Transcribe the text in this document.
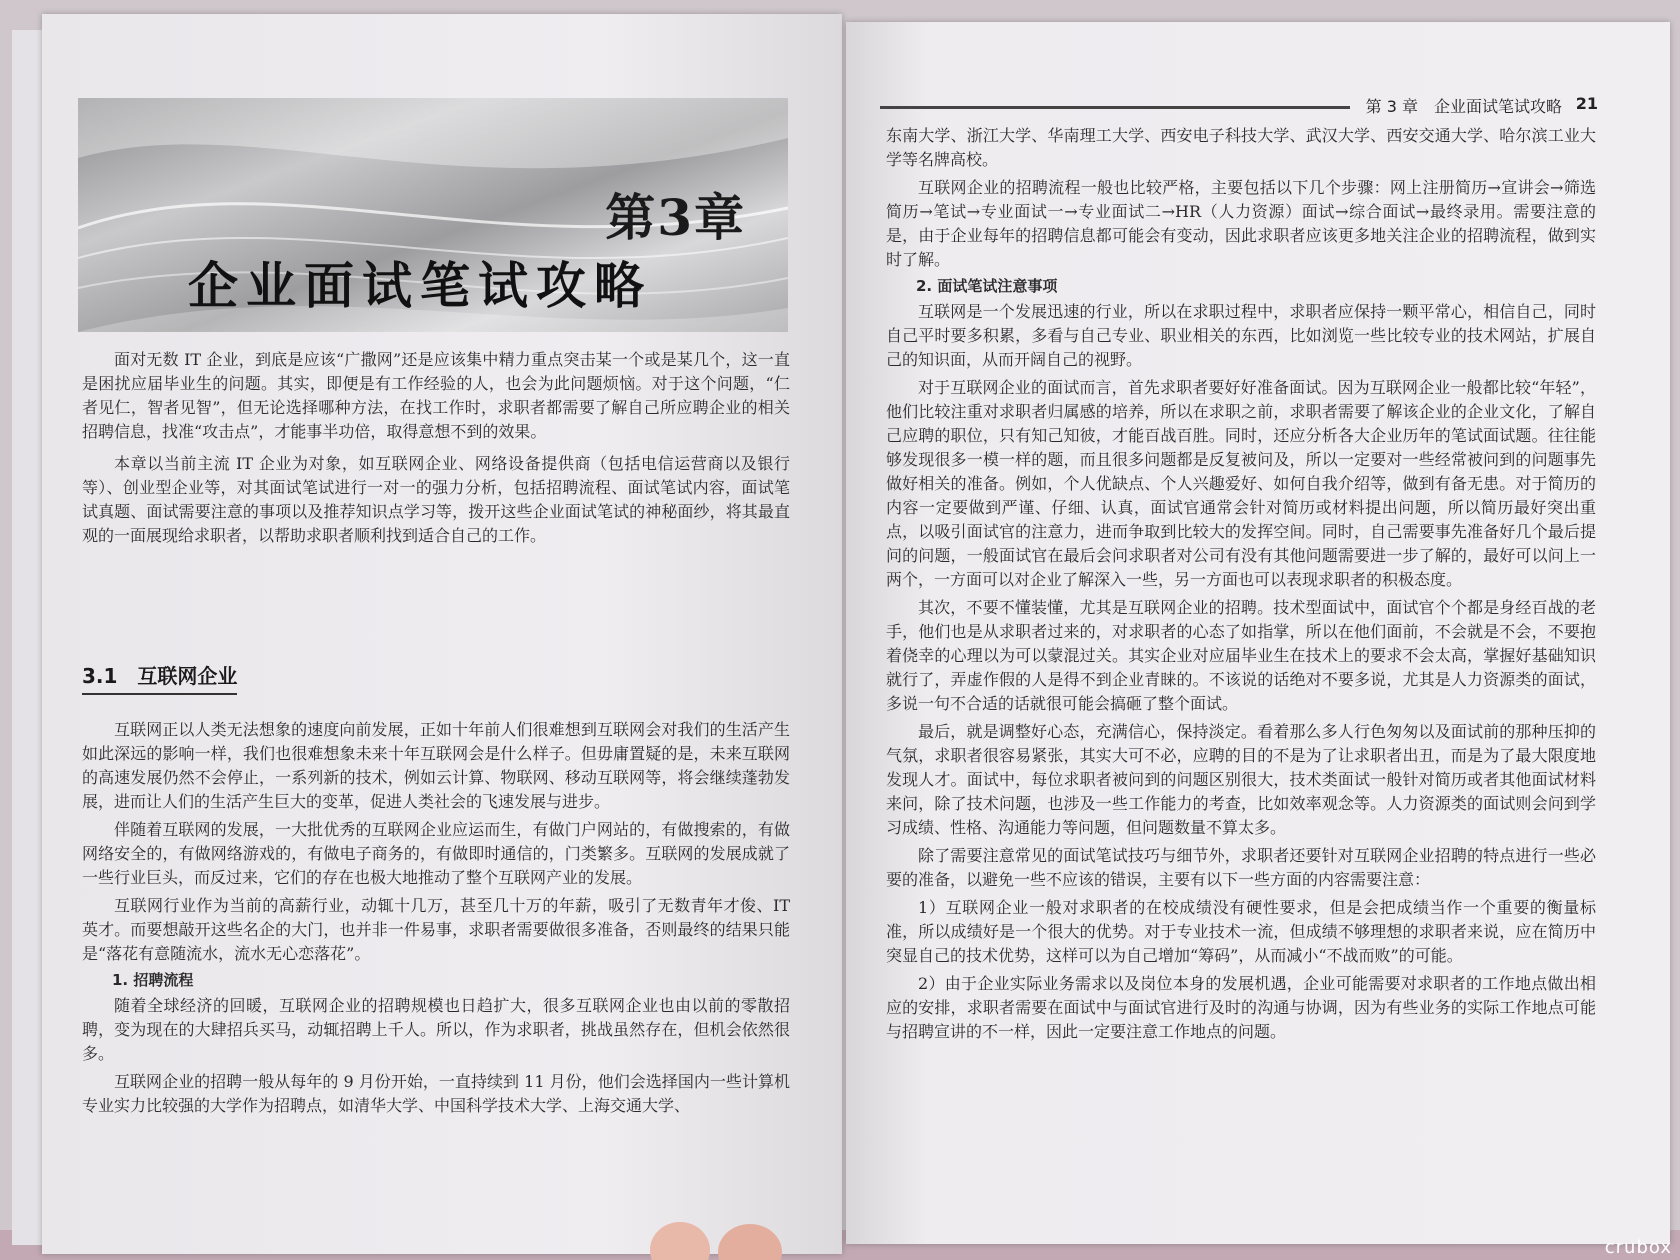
第3章
企业面试笔试攻略

面对无数 IT 企业，到底是应该“广撒网”还是应该集中精力重点突击某一个或是某几个，这一直是困扰应届毕业生的问题。其实，即便是有工作经验的人，也会为此问题烦恼。对于这个问题，“仁者见仁，智者见智”，但无论选择哪种方法，在找工作时，求职者都需要了解自己所应聘企业的相关招聘信息，找准“攻击点”，才能事半功倍，取得意想不到的效果。

本章以当前主流 IT 企业为对象，如互联网企业、网络设备提供商（包括电信运营商以及银行等）、创业型企业等，对其面试笔试进行一对一的强力分析，包括招聘流程、面试笔试内容，面试笔试真题、面试需要注意的事项以及推荐知识点学习等，拨开这些企业面试笔试的神秘面纱，将其最直观的一面展现给求职者，以帮助求职者顺利找到适合自己的工作。

3.1　互联网企业

互联网正以人类无法想象的速度向前发展，正如十年前人们很难想到互联网会对我们的生活产生如此深远的影响一样，我们也很难想象未来十年互联网会是什么样子。但毋庸置疑的是，未来互联网的高速发展仍然不会停止，一系列新的技术，例如云计算、物联网、移动互联网等，将会继续蓬勃发展，进而让人们的生活产生巨大的变革，促进人类社会的飞速发展与进步。

伴随着互联网的发展，一大批优秀的互联网企业应运而生，有做门户网站的，有做搜索的，有做网络安全的，有做网络游戏的，有做电子商务的，有做即时通信的，门类繁多。互联网的发展成就了一些行业巨头，而反过来，它们的存在也极大地推动了整个互联网产业的发展。

互联网行业作为当前的高薪行业，动辄十几万，甚至几十万的年薪，吸引了无数青年才俊、IT 英才。而要想敲开这些名企的大门，也并非一件易事，求职者需要做很多准备，否则最终的结果只能是“落花有意随流水，流水无心恋落花”。

1. 招聘流程

随着全球经济的回暖，互联网企业的招聘规模也日趋扩大，很多互联网企业也由以前的零散招聘，变为现在的大肆招兵买马，动辄招聘上千人。所以，作为求职者，挑战虽然存在，但机会依然很多。

互联网企业的招聘一般从每年的 9 月份开始，一直持续到 11 月份，他们会选择国内一些计算机专业实力比较强的大学作为招聘点，如清华大学、中国科学技术大学、上海交通大学、

第 3 章　企业面试笔试攻略 21

东南大学、浙江大学、华南理工大学、西安电子科技大学、武汉大学、西安交通大学、哈尔滨工业大学等名牌高校。

互联网企业的招聘流程一般也比较严格，主要包括以下几个步骤：网上注册简历→宣讲会→筛选简历→笔试→专业面试一→专业面试二→HR（人力资源）面试→综合面试→最终录用。需要注意的是，由于企业每年的招聘信息都可能会有变动，因此求职者应该更多地关注企业的招聘流程，做到实时了解。

2. 面试笔试注意事项

互联网是一个发展迅速的行业，所以在求职过程中，求职者应保持一颗平常心，相信自己，同时自己平时要多积累，多看与自己专业、职业相关的东西，比如浏览一些比较专业的技术网站，扩展自己的知识面，从而开阔自己的视野。

对于互联网企业的面试而言，首先求职者要好好准备面试。因为互联网企业一般都比较“年轻”，他们比较注重对求职者归属感的培养，所以在求职之前，求职者需要了解该企业的企业文化，了解自己应聘的职位，只有知己知彼，才能百战百胜。同时，还应分析各大企业历年的笔试面试题。往往能够发现很多一模一样的题，而且很多问题都是反复被问及，所以一定要对一些经常被问到的问题事先做好相关的准备。例如，个人优缺点、个人兴趣爱好、如何自我介绍等，做到有备无患。对于简历的内容一定要做到严谨、仔细、认真，面试官通常会针对简历或材料提出问题，所以简历最好突出重点，以吸引面试官的注意力，进而争取到比较大的发挥空间。同时，自己需要事先准备好几个最后提问的问题，一般面试官在最后会问求职者对公司有没有其他问题需要进一步了解的，最好可以问上一两个，一方面可以对企业了解深入一些，另一方面也可以表现求职者的积极态度。

其次，不要不懂装懂，尤其是互联网企业的招聘。技术型面试中，面试官个个都是身经百战的老手，他们也是从求职者过来的，对求职者的心态了如指掌，所以在他们面前，不会就是不会，不要抱着侥幸的心理以为可以蒙混过关。其实企业对应届毕业生在技术上的要求不会太高，掌握好基础知识就行了，弄虚作假的人是得不到企业青睐的。不该说的话绝对不要多说，尤其是人力资源类的面试，多说一句不合适的话就很可能会搞砸了整个面试。

最后，就是调整好心态，充满信心，保持淡定。看着那么多人行色匆匆以及面试前的那种压抑的气氛，求职者很容易紧张，其实大可不必，应聘的目的不是为了让求职者出丑，而是为了最大限度地发现人才。面试中，每位求职者被问到的问题区别很大，技术类面试一般针对简历或者其他面试材料来问，除了技术问题，也涉及一些工作能力的考查，比如效率观念等。人力资源类的面试则会问到学习成绩、性格、沟通能力等问题，但问题数量不算太多。

除了需要注意常见的面试笔试技巧与细节外，求职者还要针对互联网企业招聘的特点进行一些必要的准备，以避免一些不应该的错误，主要有以下一些方面的内容需要注意：

1）互联网企业一般对求职者的在校成绩没有硬性要求，但是会把成绩当作一个重要的衡量标准，所以成绩好是一个很大的优势。对于专业技术一流，但成绩不够理想的求职者来说，应在简历中突显自己的技术优势，这样可以为自己增加“筹码”，从而减小“不战而败”的可能。

2）由于企业实际业务需求以及岗位本身的发展机遇，企业可能需要对求职者的工作地点做出相应的安排，求职者需要在面试中与面试官进行及时的沟通与协调，因为有些业务的实际工作地点可能与招聘宣讲的不一样，因此一定要注意工作地点的问题。

crubox
